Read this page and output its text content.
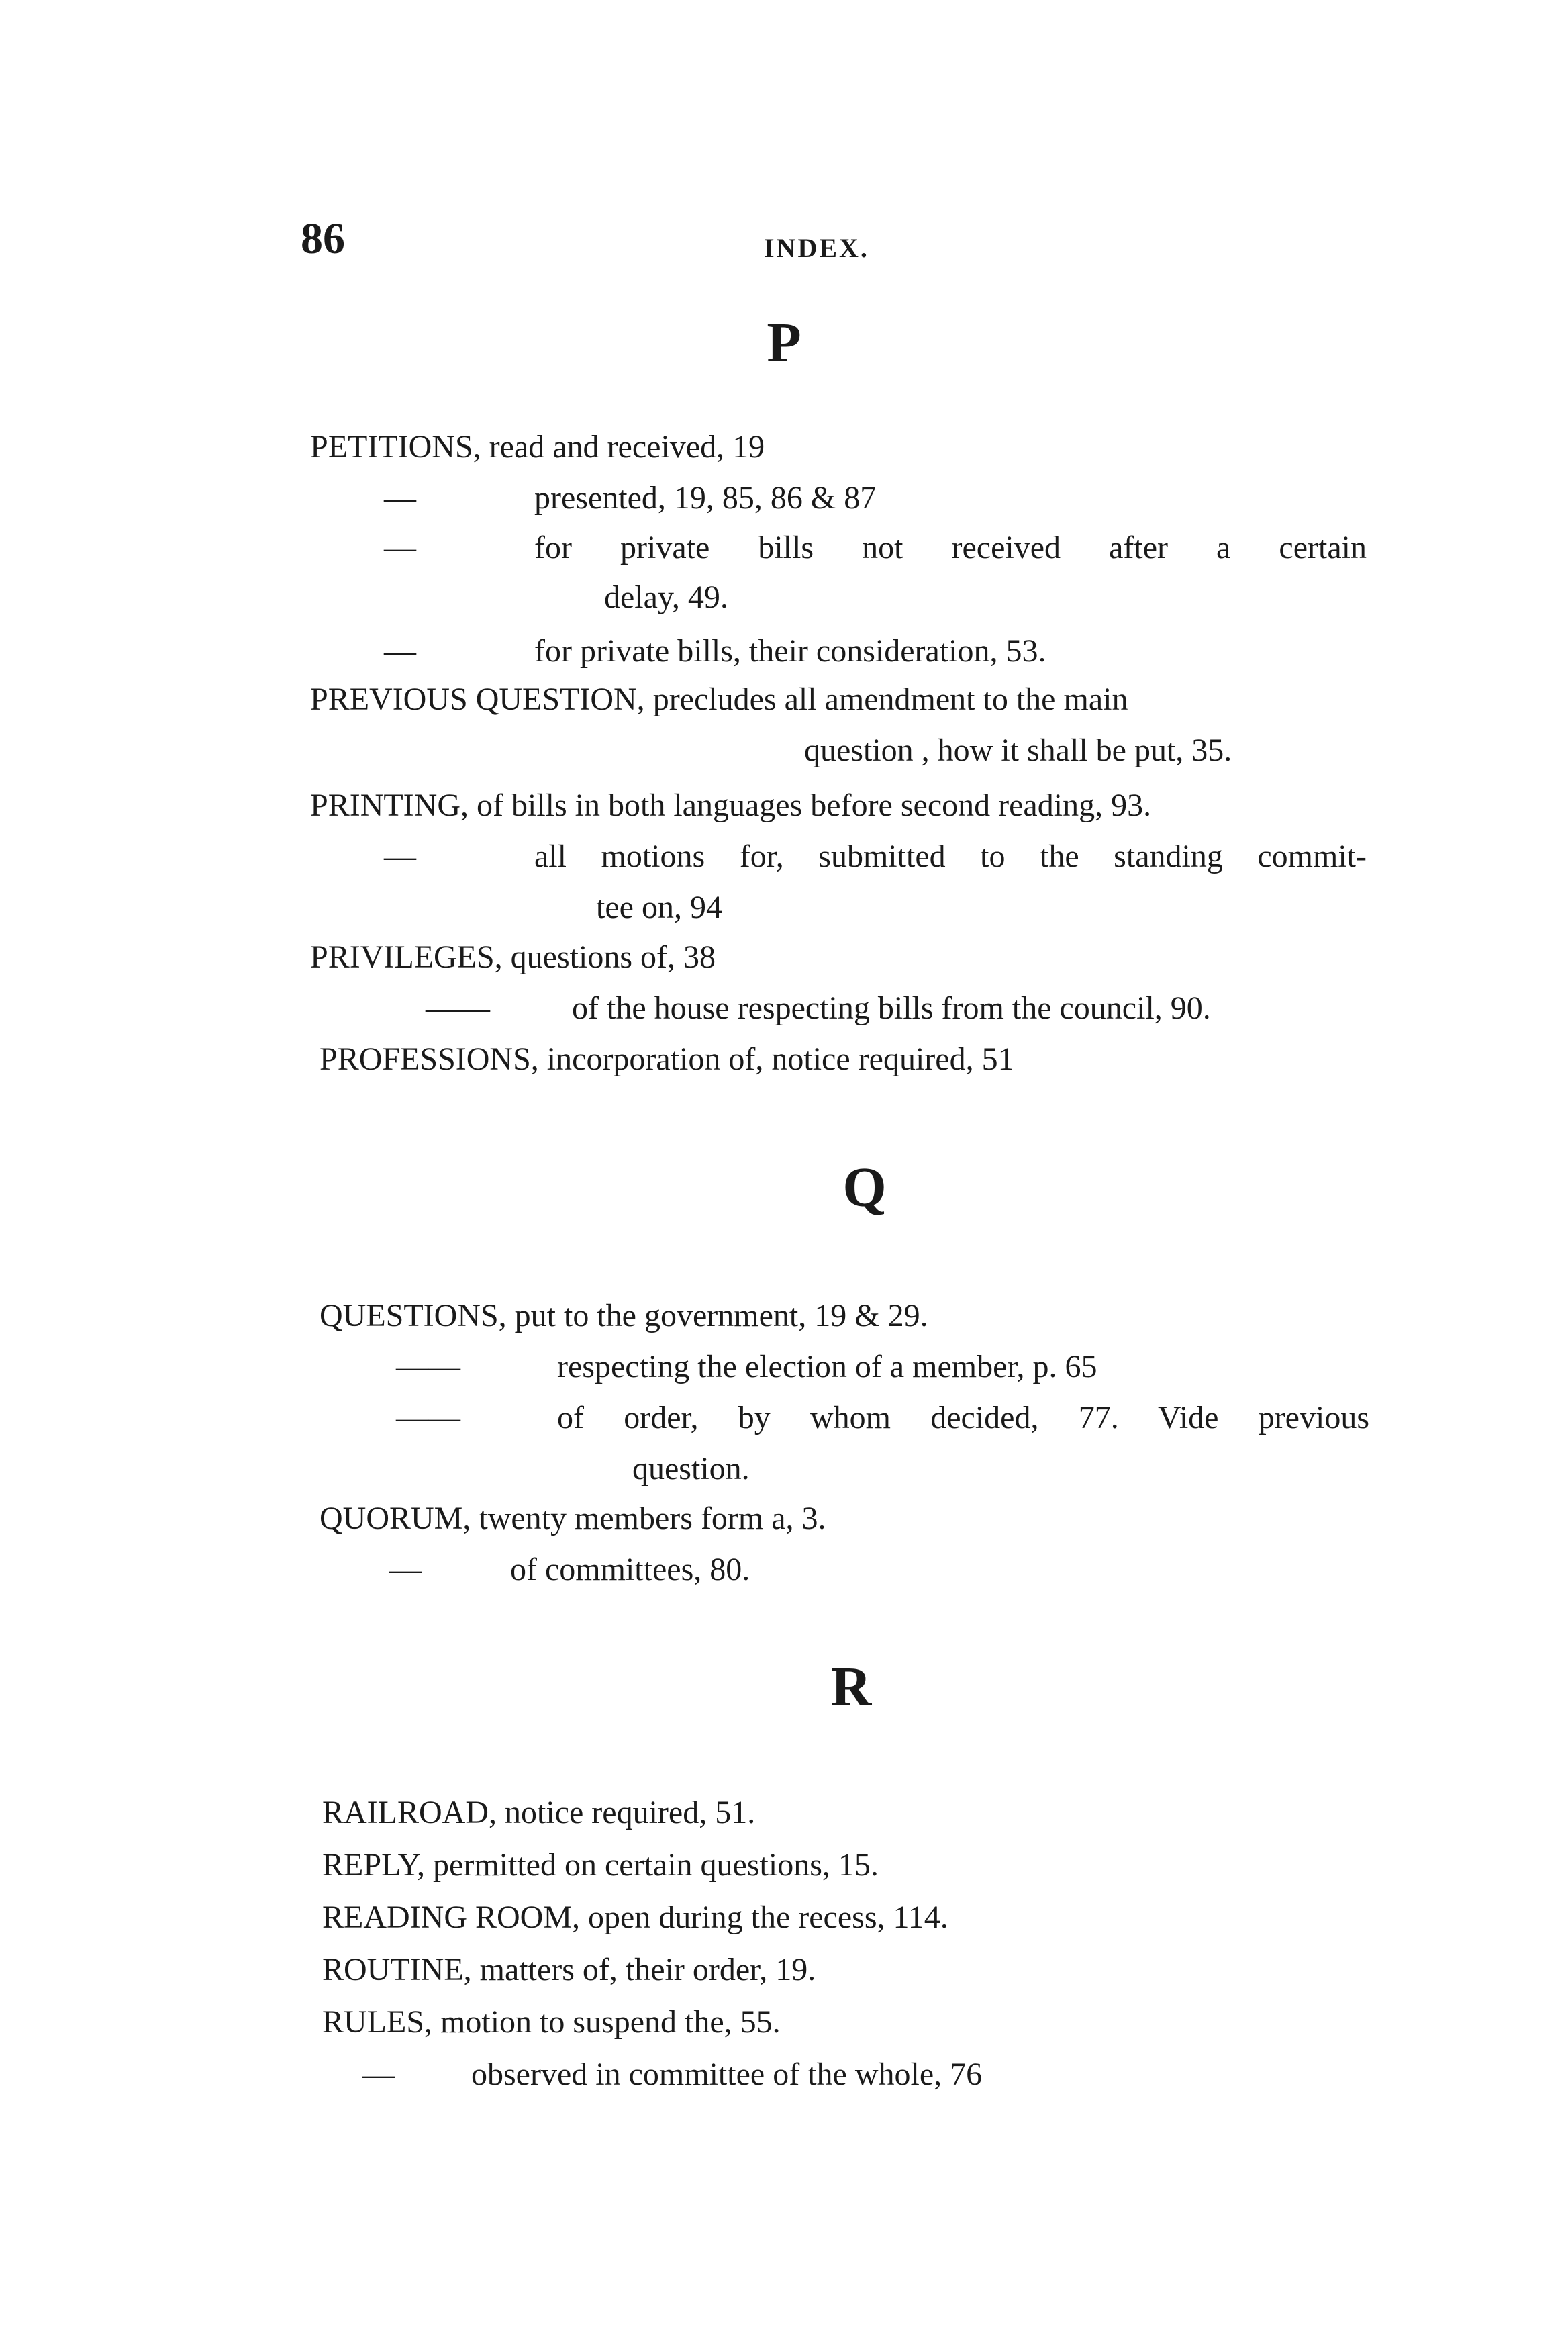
86	INDEX.
P
PETITIONS, read and received, 19
—	presented, 19, 85, 86 & 87
—	for private bills not received after a certain
delay, 49.
—	for private bills, their consideration, 53.
PREVIOUS QUESTION, precludes all amendment to the main
question , how it shall be put, 35.
PRINTING, of bills in both languages before second reading, 93.
—	all motions for, submitted to the standing commit-
tee on, 94
PRIVILEGES, questions of, 38
——	of the house respecting bills from the council, 90.
PROFESSIONS, incorporation of, notice required, 51
Q
QUESTIONS, put to the government, 19 & 29.
——	respecting the election of a member, p. 65
——	of order, by whom decided, 77. Vide previous
question.
QUORUM, twenty members form a, 3.
—	of committees, 80.
R
RAILROAD, notice required, 51.
REPLY, permitted on certain questions, 15.
READING ROOM, open during the recess, 114.
ROUTINE, matters of, their order, 19.
RULES, motion to suspend the, 55.
— observed in committee of the whole, 76
